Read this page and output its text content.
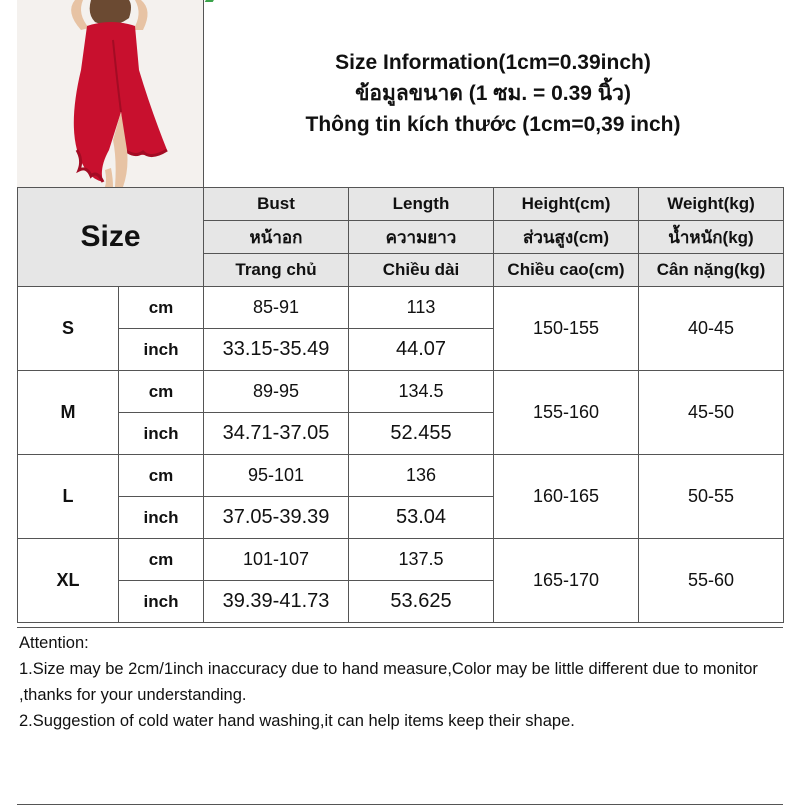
Size Information(1cm=0.39inch)
ข้อมูลขนาด (1 ซม. = 0.39 นิ้ว)
Thông tin kích thước (1cm=0,39 inch)
Size		Bust	Length	Height(cm)	Weight(kg)
		หน้าอก	ความยาว	ส่วนสูง(cm)	น้ำหนัก(kg)
		Trang chủ	Chiều dài	Chiều cao(cm)	Cân nặng(kg)
S	cm	85-91	113	150-155	40-45
	inch	33.15-35.49	44.07		
M	cm	89-95	134.5	155-160	45-50
	inch	34.71-37.05	52.455		
L	cm	95-101	136	160-165	50-55
	inch	37.05-39.39	53.04		
XL	cm	101-107	137.5	165-170	55-60
	inch	39.39-41.73	53.625		

Attention:

1.Size may be 2cm/1inch inaccuracy due to hand measure,Color may be little different due to monitor ,thanks for your understanding.

2.Suggestion of cold water hand washing,it can help items keep their shape.
